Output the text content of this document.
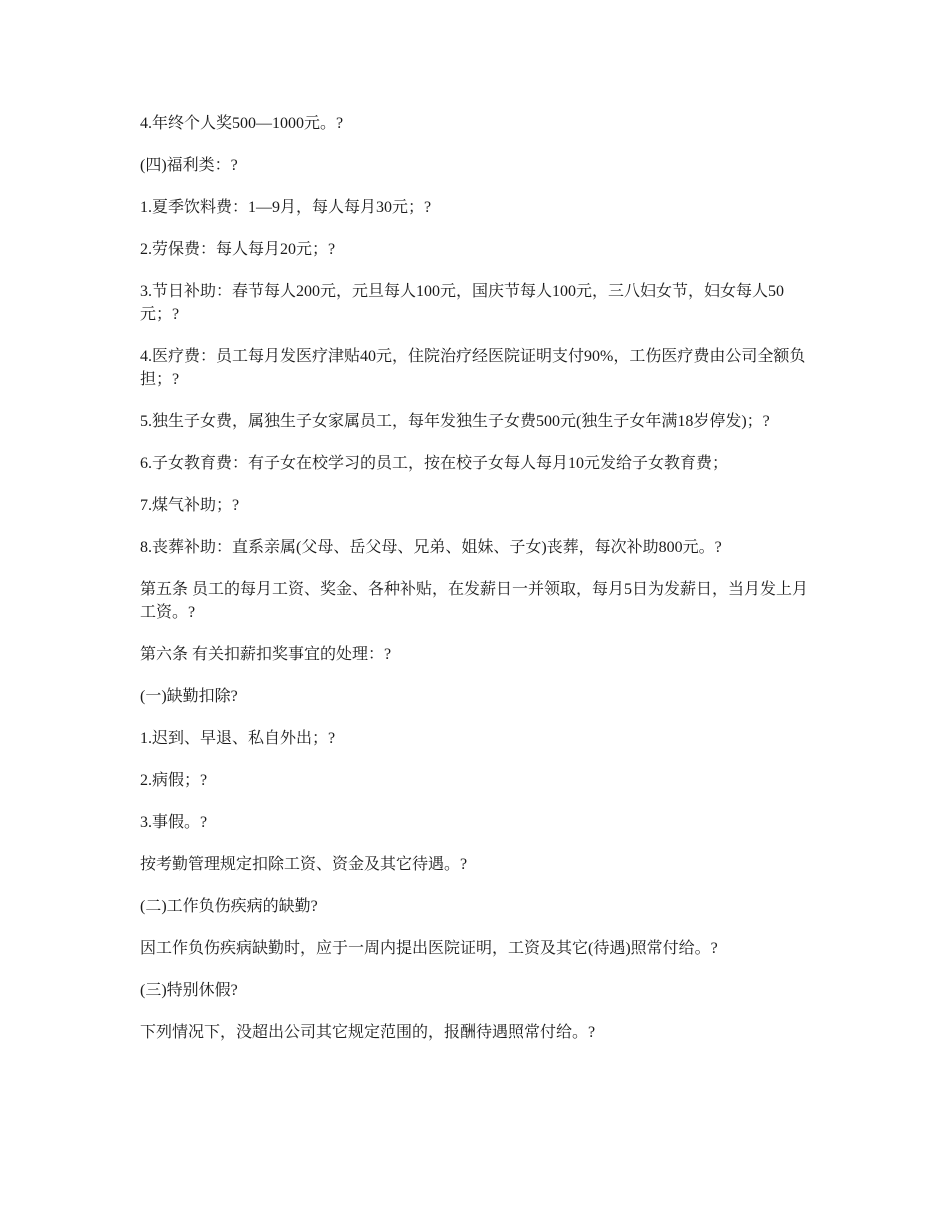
4.年终个人奖500—1000元。?

(四)福利类：?

1.夏季饮料费：1—9月，每人每月30元；?

2.劳保费：每人每月20元；?

3.节日补助：春节每人200元，元旦每人100元，国庆节每人100元，三八妇女节，妇女每人50元；?

4.医疗费：员工每月发医疗津贴40元，住院治疗经医院证明支付90%，工伤医疗费由公司全额负担；?

5.独生子女费，属独生子女家属员工，每年发独生子女费500元(独生子女年满18岁停发)；?

6.子女教育费：有子女在校学习的员工，按在校子女每人每月10元发给子女教育费；

7.煤气补助；?

8.丧葬补助：直系亲属(父母、岳父母、兄弟、姐妹、子女)丧葬，每次补助800元。?

第五条 员工的每月工资、奖金、各种补贴，在发薪日一并领取，每月5日为发薪日，当月发上月工资。?

第六条 有关扣薪扣奖事宜的处理：?

(一)缺勤扣除?

1.迟到、早退、私自外出；?

2.病假；?

3.事假。?

按考勤管理规定扣除工资、资金及其它待遇。?

(二)工作负伤疾病的缺勤?

因工作负伤疾病缺勤时，应于一周内提出医院证明，工资及其它(待遇)照常付给。?

(三)特别休假?

下列情况下，没超出公司其它规定范围的，报酬待遇照常付给。?
